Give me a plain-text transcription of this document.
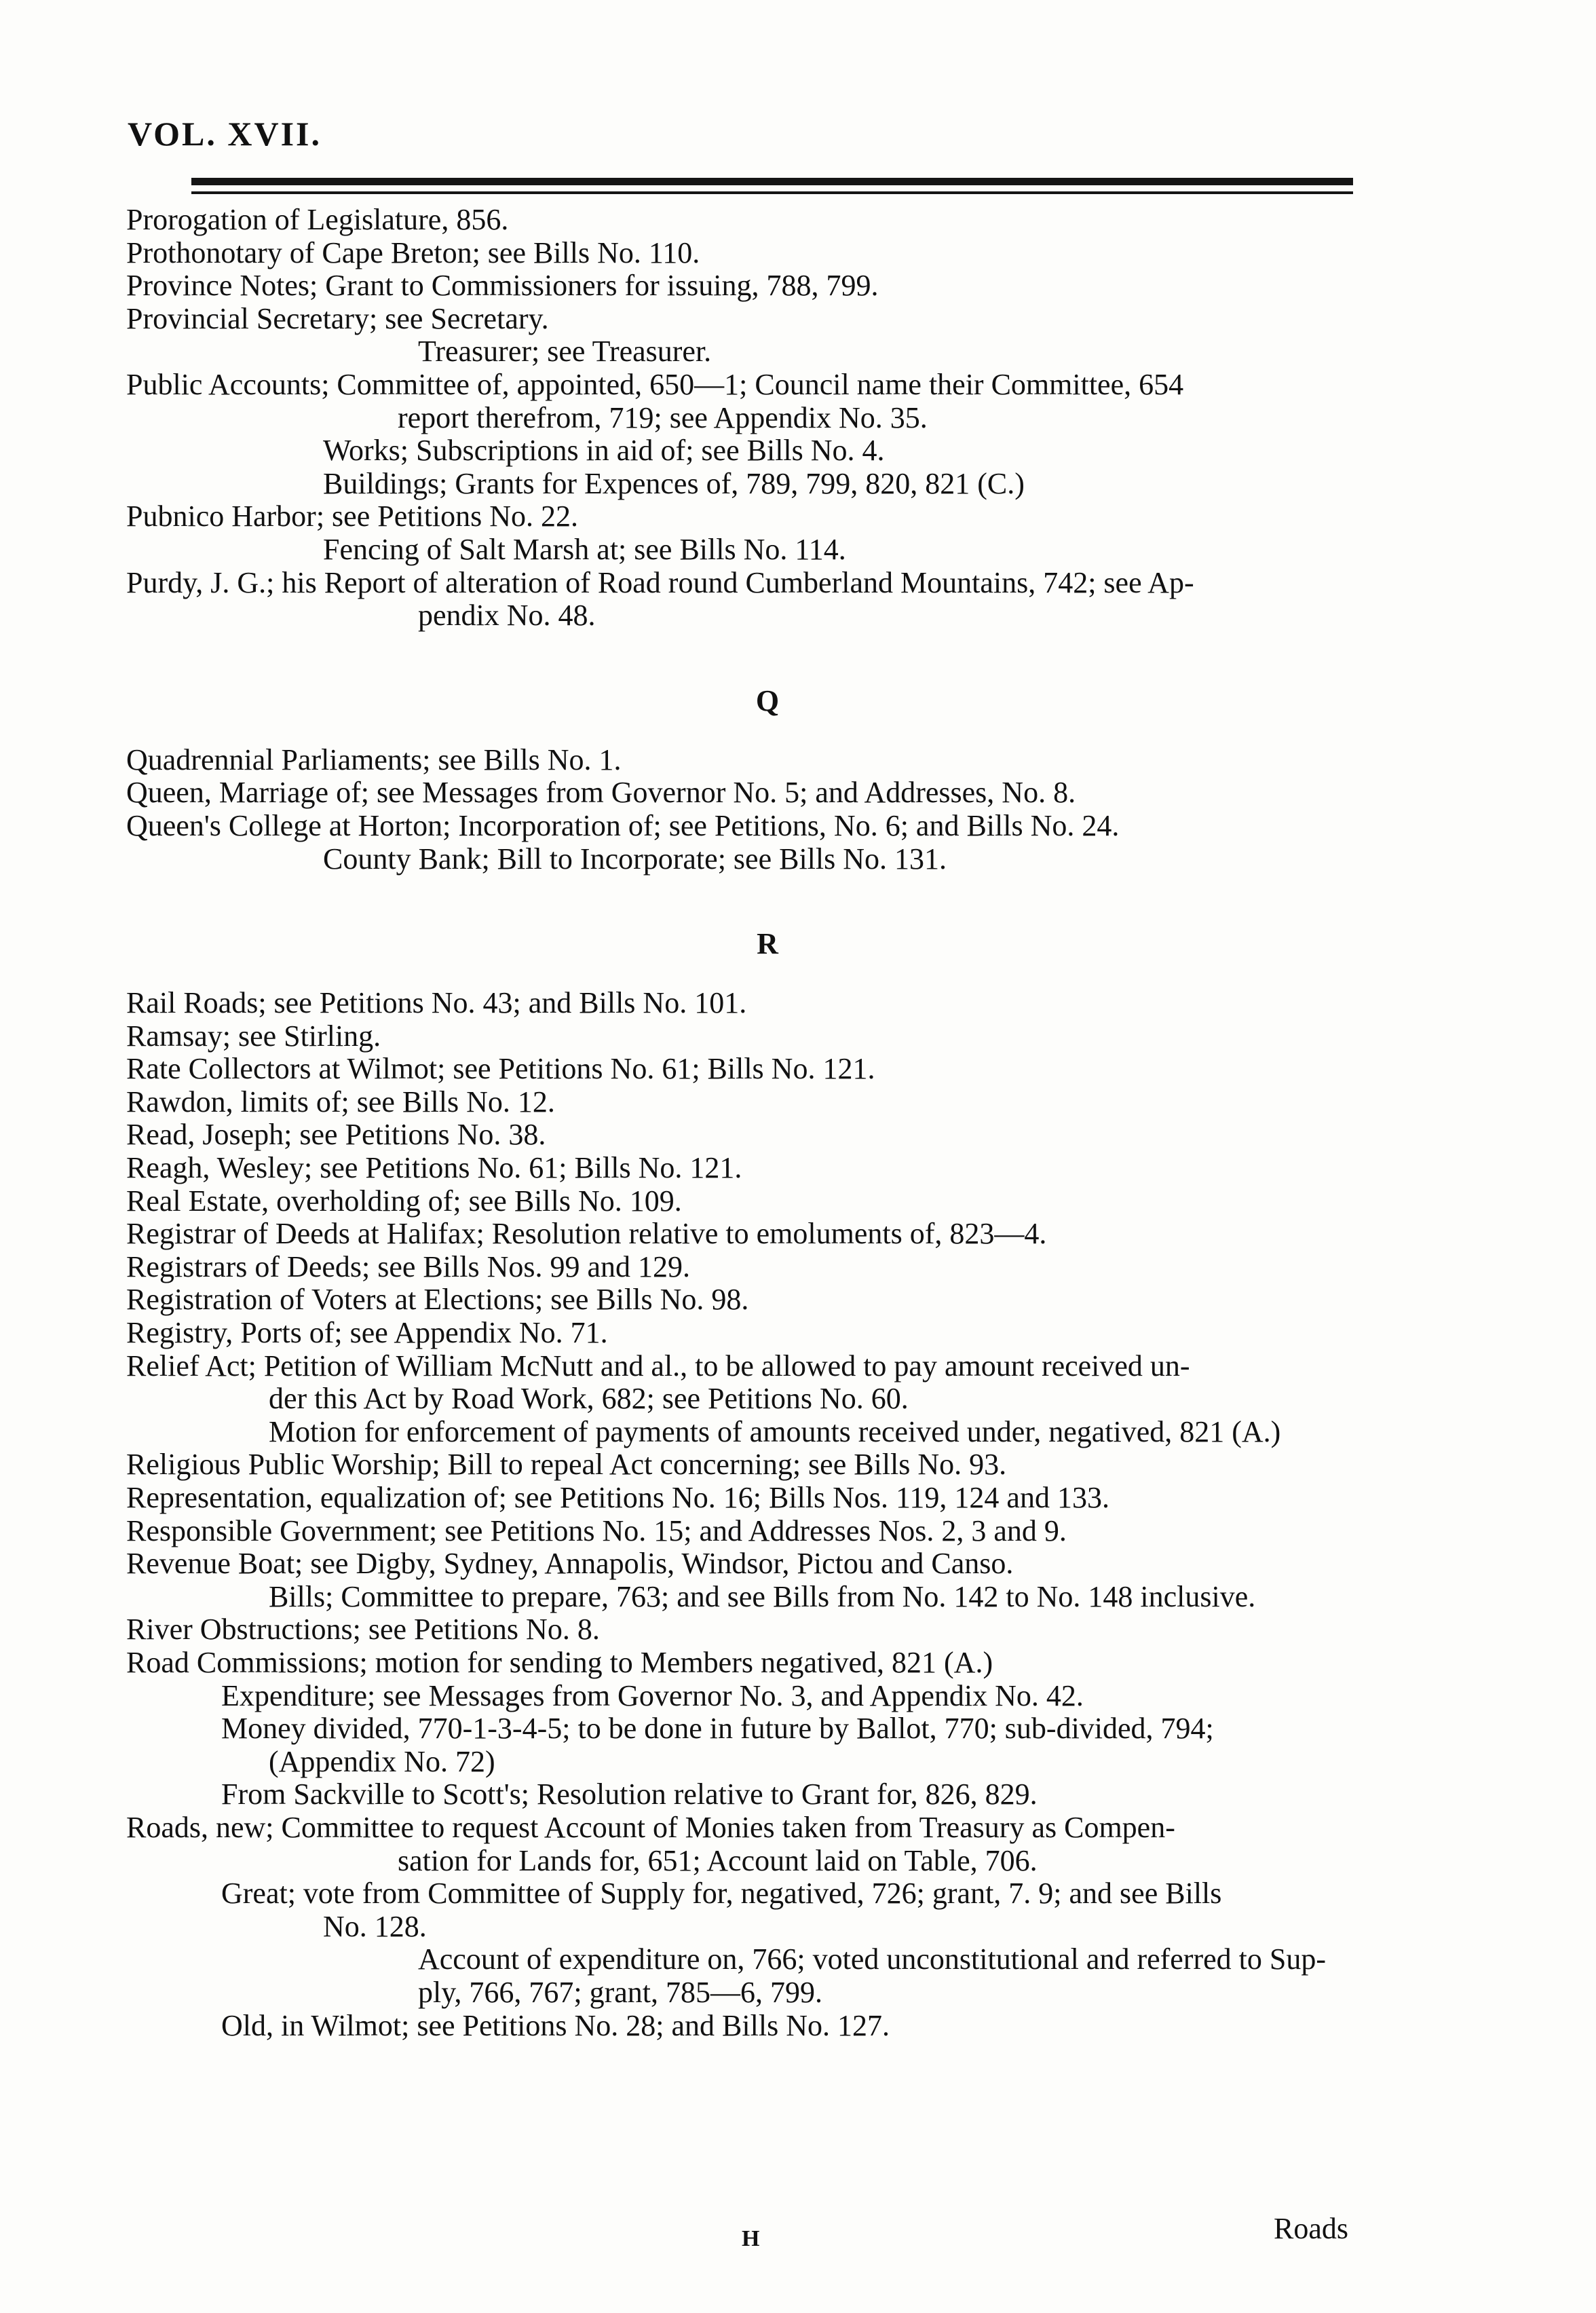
VOL. XVII.
Prorogation of Legislature, 856.
Prothonotary of Cape Breton; see Bills No. 110.
Province Notes; Grant to Commissioners for issuing, 788, 799.
Provincial Secretary; see Secretary.
Treasurer; see Treasurer.
Public Accounts; Committee of, appointed, 650—1; Council name their Committee, 654
report therefrom, 719; see Appendix No. 35.
Works; Subscriptions in aid of; see Bills No. 4.
Buildings; Grants for Expences of, 789, 799, 820, 821 (C.)
Pubnico Harbor; see Petitions No. 22.
Fencing of Salt Marsh at; see Bills No. 114.
Purdy, J. G.; his Report of alteration of Road round Cumberland Mountains, 742; see Ap-
pendix No. 48.
Q
Quadrennial Parliaments; see Bills No. 1.
Queen, Marriage of; see Messages from Governor No. 5; and Addresses, No. 8.
Queen's College at Horton; Incorporation of; see Petitions, No. 6; and Bills No. 24.
County Bank; Bill to Incorporate; see Bills No. 131.
R
Rail Roads; see Petitions No. 43; and Bills No. 101.
Ramsay; see Stirling.
Rate Collectors at Wilmot; see Petitions No. 61; Bills No. 121.
Rawdon, limits of; see Bills No. 12.
Read, Joseph; see Petitions No. 38.
Reagh, Wesley; see Petitions No. 61; Bills No. 121.
Real Estate, overholding of; see Bills No. 109.
Registrar of Deeds at Halifax; Resolution relative to emoluments of, 823—4.
Registrars of Deeds; see Bills Nos. 99 and 129.
Registration of Voters at Elections; see Bills No. 98.
Registry, Ports of; see Appendix No. 71.
Relief Act; Petition of William McNutt and al., to be allowed to pay amount received un-
der this Act by Road Work, 682; see Petitions No. 60.
Motion for enforcement of payments of amounts received under, negatived, 821 (A.)
Religious Public Worship; Bill to repeal Act concerning; see Bills No. 93.
Representation, equalization of; see Petitions No. 16; Bills Nos. 119, 124 and 133.
Responsible Government; see Petitions No. 15; and Addresses Nos. 2, 3 and 9.
Revenue Boat; see Digby, Sydney, Annapolis, Windsor, Pictou and Canso.
Bills; Committee to prepare, 763; and see Bills from No. 142 to No. 148 inclusive.
River Obstructions; see Petitions No. 8.
Road Commissions; motion for sending to Members negatived, 821 (A.)
Expenditure; see Messages from Governor No. 3, and Appendix No. 42.
Money divided, 770-1-3-4-5; to be done in future by Ballot, 770; sub-divided, 794;
(Appendix No. 72)
From Sackville to Scott's; Resolution relative to Grant for, 826, 829.
Roads, new; Committee to request Account of Monies taken from Treasury as Compen-
sation for Lands for, 651; Account laid on Table, 706.
Great; vote from Committee of Supply for, negatived, 726; grant, 7. 9; and see Bills
No. 128.
Account of expenditure on, 766; voted unconstitutional and referred to Sup-
ply, 766, 767; grant, 785—6, 799.
Old, in Wilmot; see Petitions No. 28; and Bills No. 127.
H	Roads
